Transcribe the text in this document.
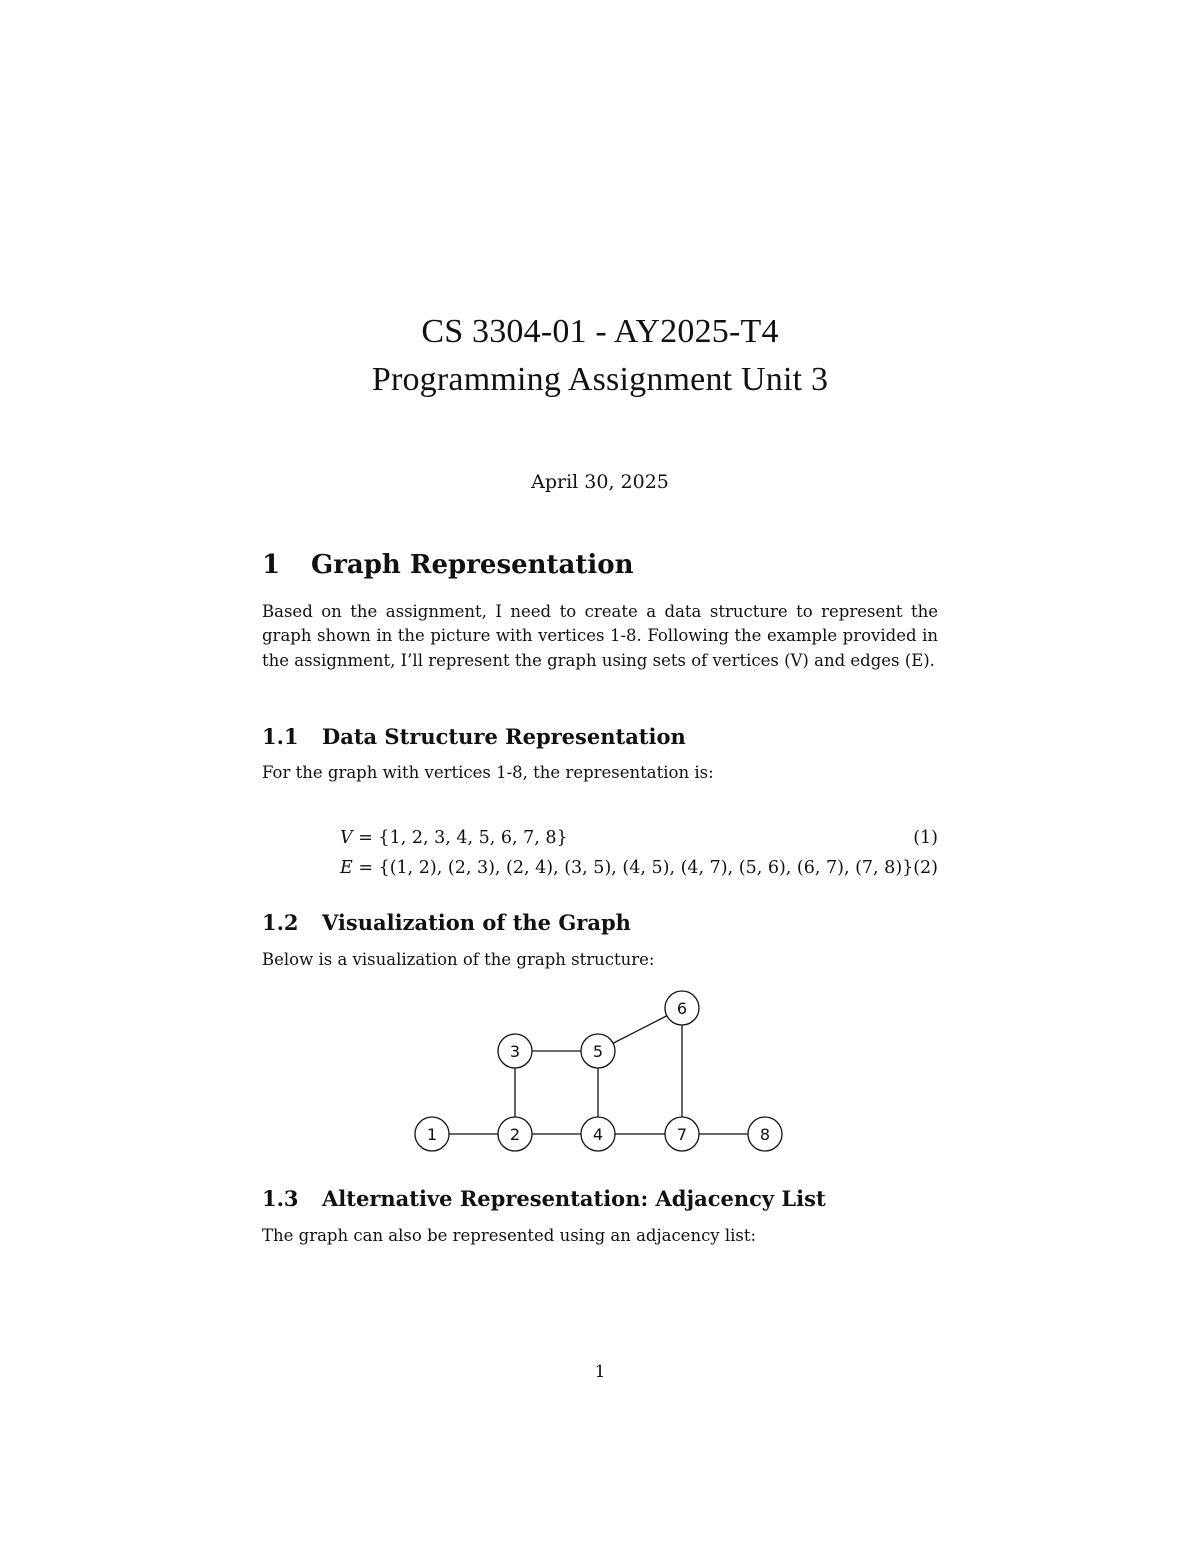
CS 3304-01 - AY2025-T4
Programming Assignment Unit 3
April 30, 2025
1 Graph Representation

Based on the assignment, I need to create a data structure to represent the graph shown in the picture with vertices 1-8. Following the example provided in the assignment, I’ll represent the graph using sets of vertices (V) and edges (E).

1.1 Data Structure Representation

For the graph with vertices 1-8, the representation is:

V = {1, 2, 3, 4, 5, 6, 7, 8}	(1)
E = {(1, 2), (2, 3), (2, 4), (3, 5), (4, 5), (4, 7), (5, 6), (6, 7), (7, 8)} (2)
1.2 Visualization of the Graph

Below is a visualization of the graph structure:

1	2
3
4
5
6
7	8
1.3 Alternative Representation: Adjacency List

The graph can also be represented using an adjacency list:

1
